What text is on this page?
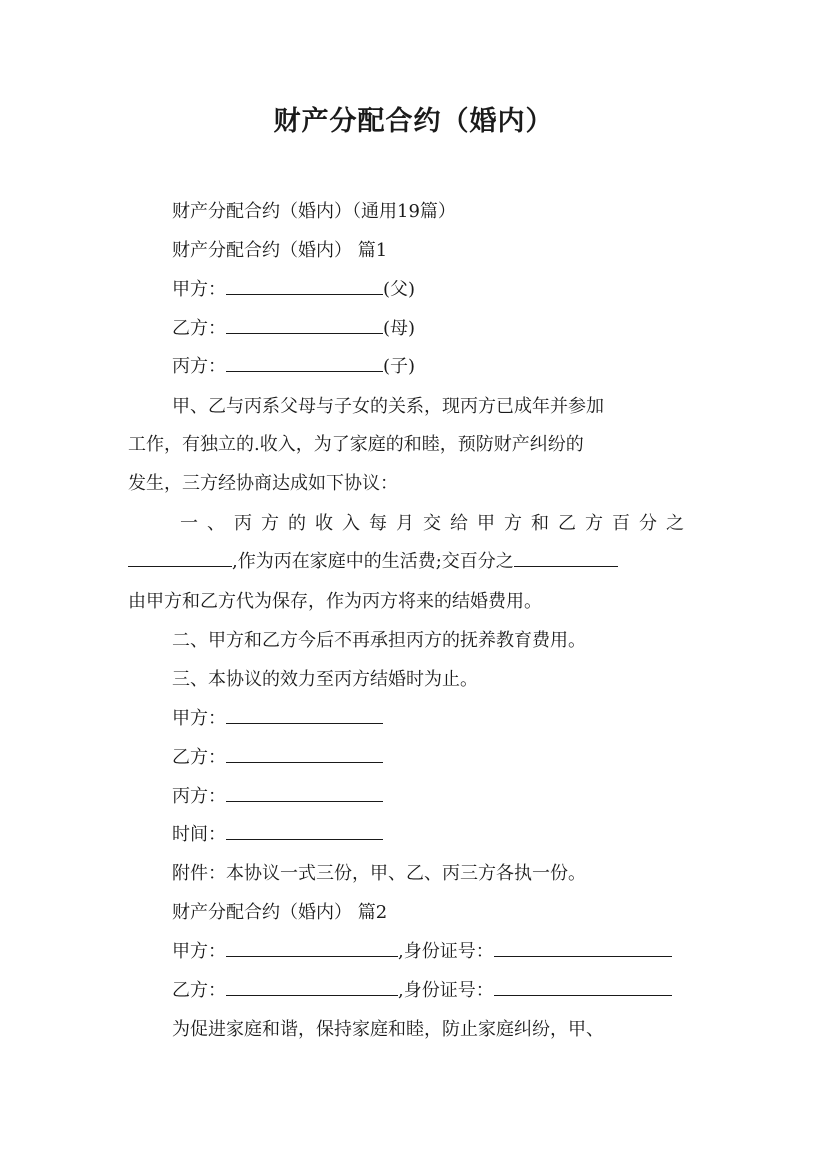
财产分配合约（婚内）
财产分配合约（婚内）（通用19篇）
财产分配合约（婚内） 篇1
甲方：	(父)
乙方：	(母)
丙方：	(子)
甲、乙与丙系父母与子女的关系，现丙方已成年并参加
工作，有独立的.收入，为了家庭的和睦，预防财产纠纷的
发生，三方经协商达成如下协议：
一、丙方的收入每月交给甲方和乙方百分之
,作为丙在家庭中的生活费;交百分之
由甲方和乙方代为保存，作为丙方将来的结婚费用。
二、甲方和乙方今后不再承担丙方的抚养教育费用。
三、本协议的效力至丙方结婚时为止。
甲方：
乙方：
丙方：
时间：
附件：本协议一式三份，甲、乙、丙三方各执一份。
财产分配合约（婚内） 篇2
甲方：	,身份证号：
乙方：	,身份证号：
为促进家庭和谐，保持家庭和睦，防止家庭纠纷，甲、
